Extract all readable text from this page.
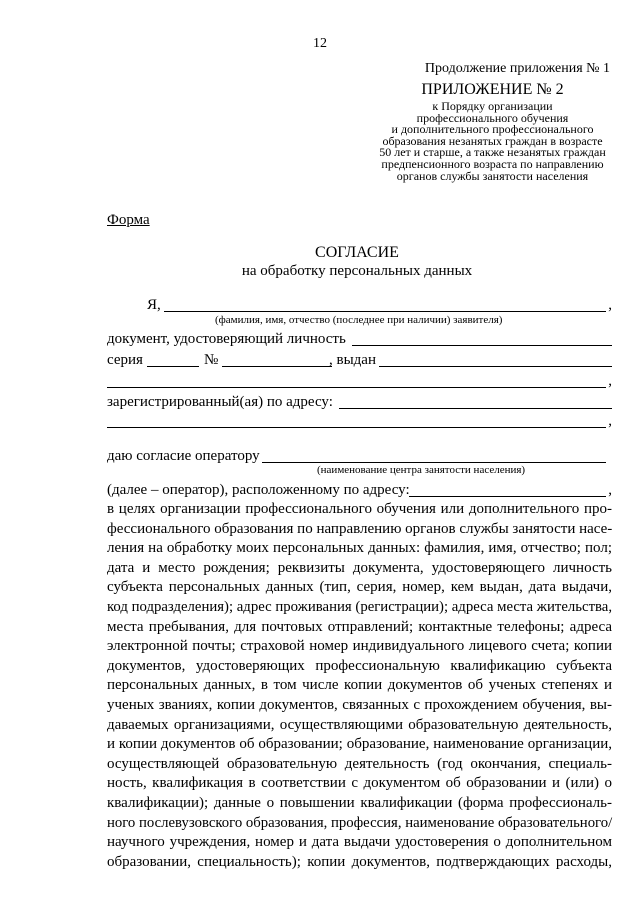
12
Продолжение приложения № 1
ПРИЛОЖЕНИЕ № 2
к Порядку организации
профессионального обучения
и дополнительного профессионального
образования незанятых граждан в возрасте
50 лет и старше, а также незанятых граждан
предпенсионного возраста по направлению
органов службы занятости населения
Форма
СОГЛАСИЕ
на обработку персональных данных
Я,	,
(фамилия, имя, отчество (последнее при наличии) заявителя)
документ, удостоверяющий личность
серия	№	, выдан
,
зарегистрированный(ая) по адресу:
,
даю согласие оператору
(наименование центра занятости населения)
(далее – оператор), расположенному по адресу:	,
в целях организации профессионального обучения или дополнительного про-
фессионального образования по направлению органов службы занятости насе-
ления на обработку моих персональных данных: фамилия, имя, отчество; пол;
дата и место рождения; реквизиты документа, удостоверяющего личность
субъекта персональных данных (тип, серия, номер, кем выдан, дата выдачи,
код подразделения); адрес проживания (регистрации); адреса места жительства,
места пребывания, для почтовых отправлений; контактные телефоны; адреса
электронной почты; страховой номер индивидуального лицевого счета; копии
документов, удостоверяющих профессиональную квалификацию субъекта
персональных данных, в том числе копии документов об ученых степенях и
ученых званиях, копии документов, связанных с прохождением обучения, вы-
даваемых организациями, осуществляющими образовательную деятельность,
и копии документов об образовании; образование, наименование организации,
осуществляющей образовательную деятельность (год окончания, специаль-
ность, квалификация в соответствии с документом об образовании и (или) о
квалификации); данные о повышении квалификации (форма профессиональ-
ного послевузовского образования, профессия, наименование образовательного/
научного учреждения, номер и дата выдачи удостоверения о дополнительном
образовании, специальность); копии документов, подтверждающих расходы,
